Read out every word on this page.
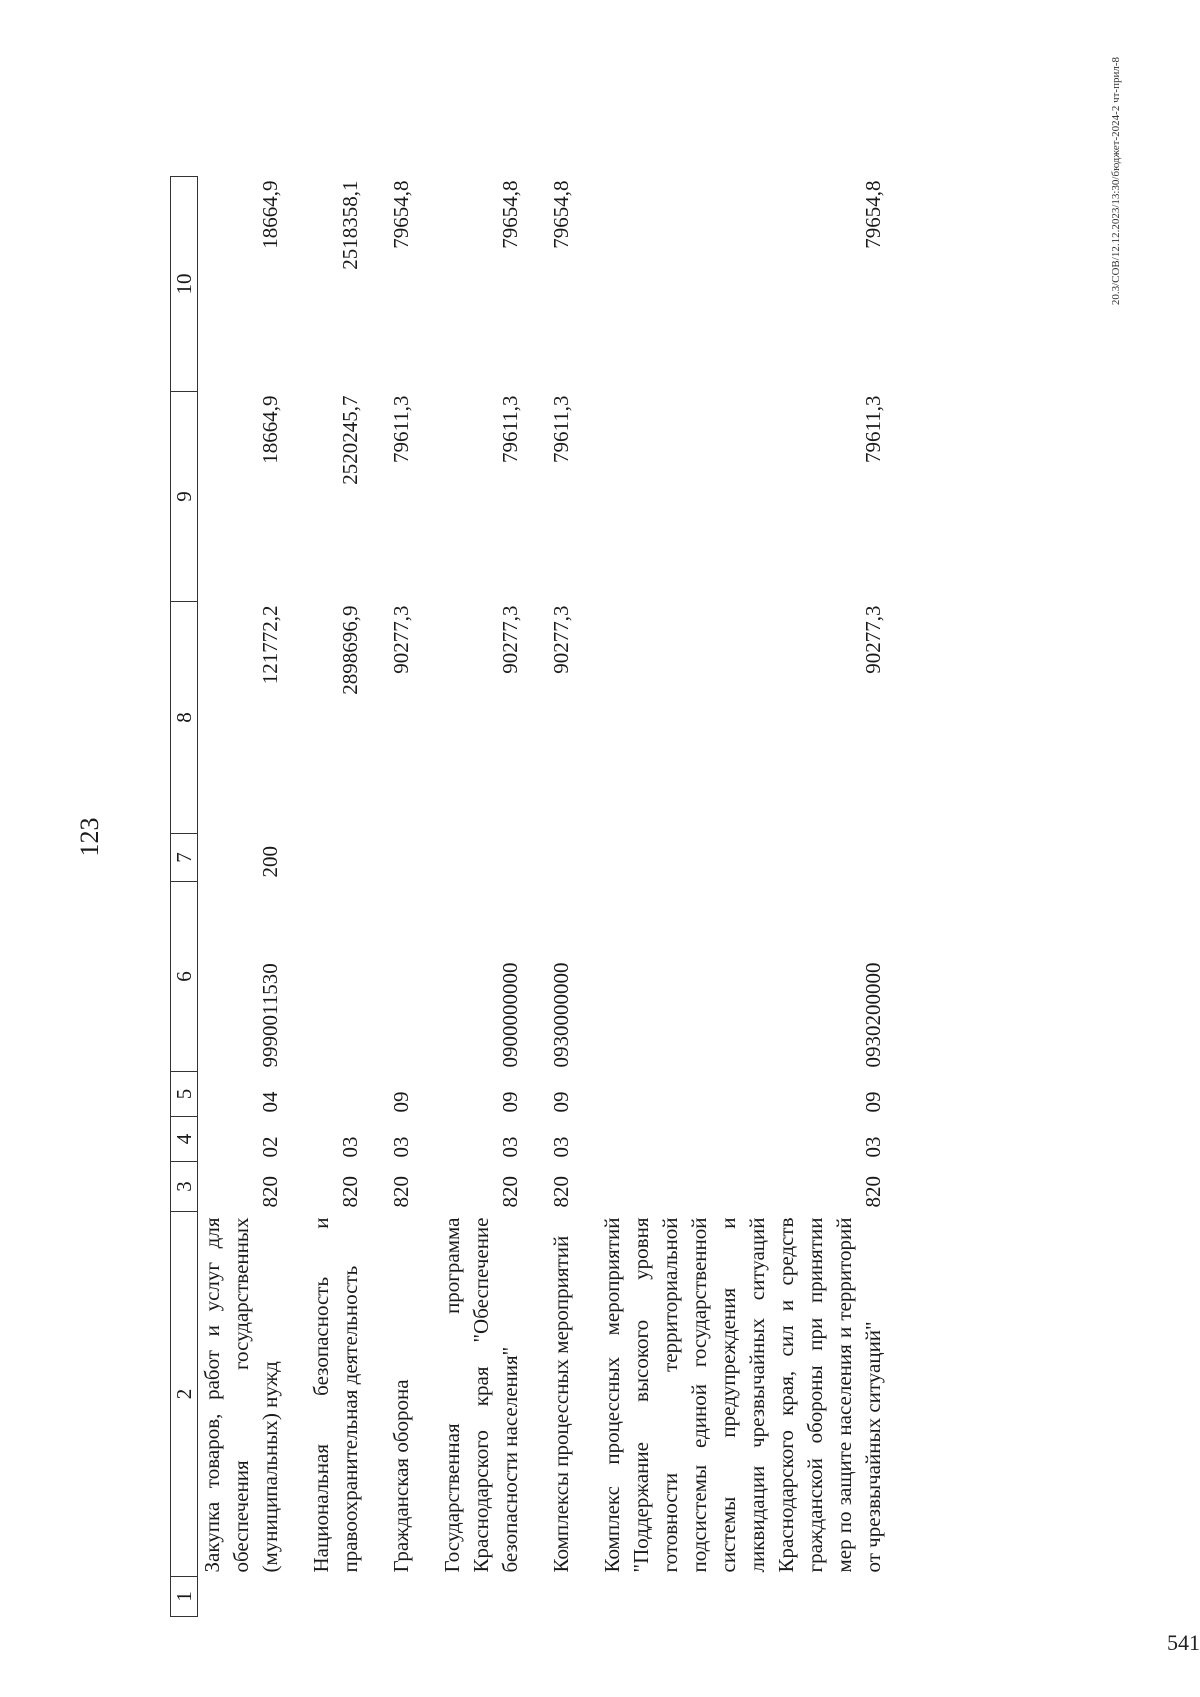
123
1	2	3	4	5	6	7	8	9	10
	Закупка товаров, работ и услуг для обеспечения государственных (муниципальных) нужд	820	02	04	9990011530	200	121772,2	18664,9	18664,9
	Национальная безопасность и правоохранительная деятельность	820	03				2898696,9	2520245,7	2518358,1
	Гражданская оборона	820	03	09			90277,3	79611,3	79654,8
	Государственная программа Краснодарского края "Обеспечение безопасности населения"	820	03	09	0900000000		90277,3	79611,3	79654,8
	Комплексы процессных мероприятий	820	03	09	0930000000		90277,3	79611,3	79654,8
	Комплекс процессных мероприятий "Поддержание высокого уровня готовности территориальной подсистемы единой государственной системы предупреждения и ликвидации чрезвычайных ситуаций Краснодарского края, сил и средств гражданской обороны при принятии мер по защите населения и территорий от чрезвычайных ситуаций"	820	03	09	0930200000		90277,3	79611,3	79654,8	20.3/СОВ/12.12.2023/13:30/бюджет-2024-2 чт-прил-8
541
